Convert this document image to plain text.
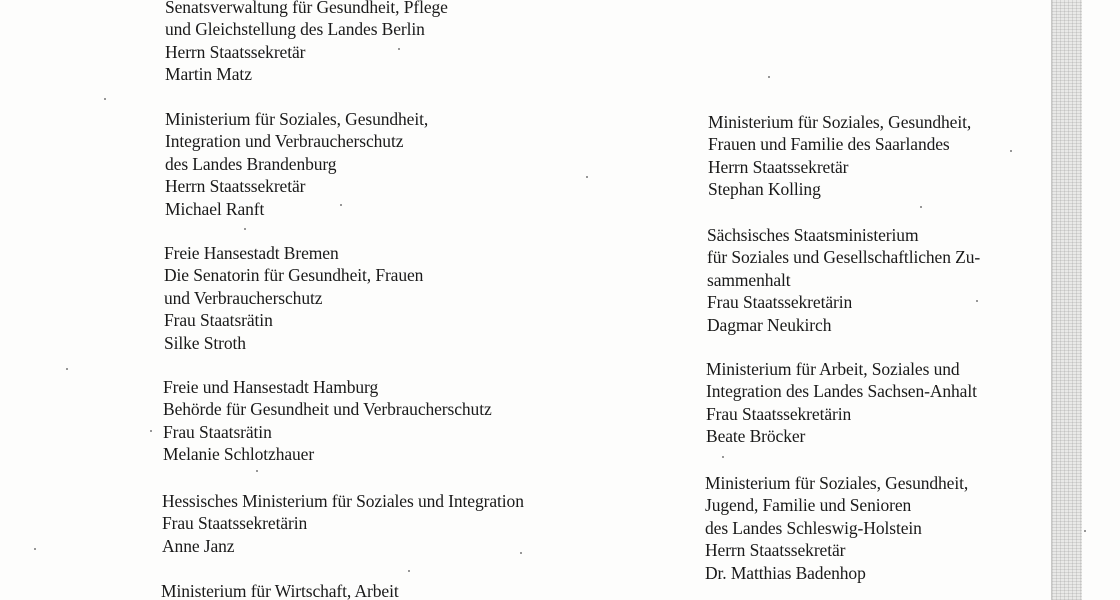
Senatsverwaltung für Gesundheit, Pflege
und Gleichstellung des Landes Berlin
Herrn Staatssekretär
Martin Matz
Ministerium für Soziales, Gesundheit,
Integration und Verbraucherschutz
des Landes Brandenburg
Herrn Staatssekretär
Michael Ranft
Freie Hansestadt Bremen
Die Senatorin für Gesundheit, Frauen
und Verbraucherschutz
Frau Staatsrätin
Silke Stroth
Freie und Hansestadt Hamburg
Behörde für Gesundheit und Verbraucherschutz
Frau Staatsrätin
Melanie Schlotzhauer
Hessisches Ministerium für Soziales und Integration
Frau Staatssekretärin
Anne Janz
Ministerium für Wirtschaft, Arbeit
Ministerium für Soziales, Gesundheit,
Frauen und Familie des Saarlandes
Herrn Staatssekretär
Stephan Kolling
Sächsisches Staatsministerium
für Soziales und Gesellschaftlichen Zu-
sammenhalt
Frau Staatssekretärin
Dagmar Neukirch
Ministerium für Arbeit, Soziales und
Integration des Landes Sachsen-Anhalt
Frau Staatssekretärin
Beate Bröcker
Ministerium für Soziales, Gesundheit,
Jugend, Familie und Senioren
des Landes Schleswig-Holstein
Herrn Staatssekretär
Dr. Matthias Badenhop
